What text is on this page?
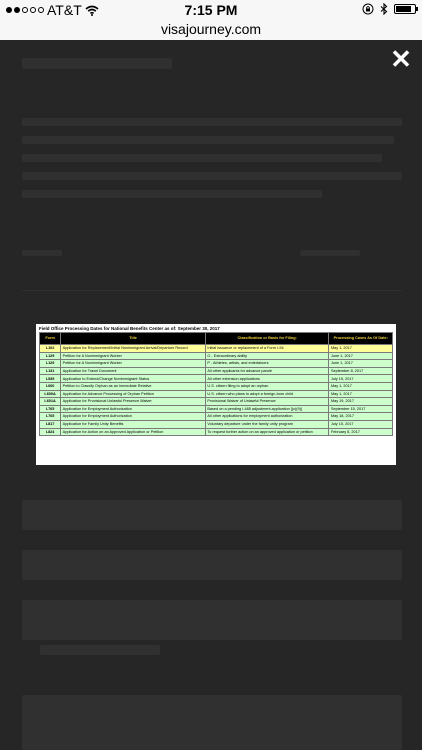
AT&T	7:15 PM
visajourney.com
✕
Field Office Processing Dates for National Benefits Center as of: September 30, 2017
Form	Title	Classification or Basis for Filing:	Processing Cases As Of Date:
I-102	Application for Replacement/Initial Nonimmigrant Arrival/Departure Record	Initial issuance or replacement of a Form I-94	May 1, 2017
I-129	Petition for A Nonimmigrant Worker	O - Extraordinary ability	June 1, 2017
I-129	Petition for A Nonimmigrant Worker	P - Athletes, artists, and entertainers	June 1, 2017
I-131	Application for Travel Document	All other applicants for advance parole	September 8, 2017
I-539	Application to Extend/Change Nonimmigrant Status	All other extension applications	July 15, 2017
I-600	Petition to Classify Orphan as an Immediate Relative	U.S. citizen filing to adopt an orphan	May 1, 2017
I-600A	Application for Advance Processing of Orphan Petition	U.S. citizen who plans to adopt a foreign-born child	May 1, 2017
I-601A	Application for Provisional Unlawful Presence Waiver	Provisional Waiver of Unlawful Presence	May 19, 2017
I-765	Application for Employment Authorization	Based on a pending I-485 adjustment application [(c)(9)]	September 15, 2017
I-765	Application for Employment Authorization	All other applications for employment authorization	May 18, 2017
I-817	Application for Family Unity Benefits	Voluntary departure under the family unity program	July 15, 2017
I-824	Application for Action on an Approved Application or Petition	To request further action on an approved application or petition	February 5, 2017
